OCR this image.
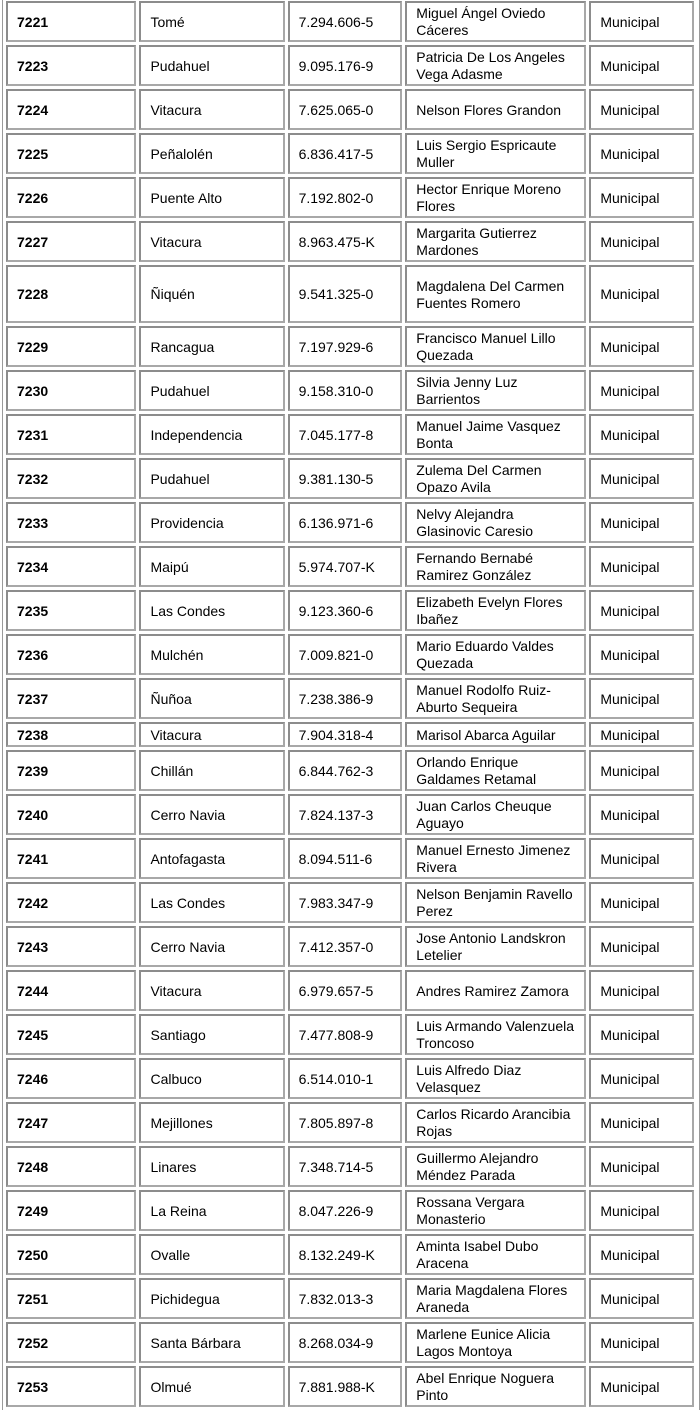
7221	Tomé	7.294.606-5	Miguel Ángel Oviedo Cáceres	Municipal
7223	Pudahuel	9.095.176-9	Patricia De Los Angeles Vega Adasme	Municipal
7224	Vitacura	7.625.065-0	Nelson Flores Grandon	Municipal
7225	Peñalolén	6.836.417-5	Luis Sergio Espricaute Muller	Municipal
7226	Puente Alto	7.192.802-0	Hector Enrique Moreno Flores	Municipal
7227	Vitacura	8.963.475-K	Margarita Gutierrez Mardones	Municipal
7228	Ñiquén	9.541.325-0	Magdalena Del Carmen Fuentes Romero	Municipal
7229	Rancagua	7.197.929-6	Francisco Manuel Lillo Quezada	Municipal
7230	Pudahuel	9.158.310-0	Silvia Jenny Luz Barrientos	Municipal
7231	Independencia	7.045.177-8	Manuel Jaime Vasquez Bonta	Municipal
7232	Pudahuel	9.381.130-5	Zulema Del Carmen Opazo Avila	Municipal
7233	Providencia	6.136.971-6	Nelvy Alejandra Glasinovic Caresio	Municipal
7234	Maipú	5.974.707-K	Fernando Bernabé Ramirez González	Municipal
7235	Las Condes	9.123.360-6	Elizabeth Evelyn Flores Ibañez	Municipal
7236	Mulchén	7.009.821-0	Mario Eduardo Valdes Quezada	Municipal
7237	Ñuñoa	7.238.386-9	Manuel Rodolfo Ruiz-Aburto Sequeira	Municipal
7238	Vitacura	7.904.318-4	Marisol Abarca Aguilar	Municipal
7239	Chillán	6.844.762-3	Orlando Enrique Galdames Retamal	Municipal
7240	Cerro Navia	7.824.137-3	Juan Carlos Cheuque Aguayo	Municipal
7241	Antofagasta	8.094.511-6	Manuel Ernesto Jimenez Rivera	Municipal
7242	Las Condes	7.983.347-9	Nelson Benjamin Ravello Perez	Municipal
7243	Cerro Navia	7.412.357-0	Jose Antonio Landskron Letelier	Municipal
7244	Vitacura	6.979.657-5	Andres Ramirez Zamora	Municipal
7245	Santiago	7.477.808-9	Luis Armando Valenzuela Troncoso	Municipal
7246	Calbuco	6.514.010-1	Luis Alfredo Diaz Velasquez	Municipal
7247	Mejillones	7.805.897-8	Carlos Ricardo Arancibia Rojas	Municipal
7248	Linares	7.348.714-5	Guillermo Alejandro Méndez Parada	Municipal
7249	La Reina	8.047.226-9	Rossana Vergara Monasterio	Municipal
7250	Ovalle	8.132.249-K	Aminta Isabel Dubo Aracena	Municipal
7251	Pichidegua	7.832.013-3	Maria Magdalena Flores Araneda	Municipal
7252	Santa Bárbara	8.268.034-9	Marlene Eunice Alicia Lagos Montoya	Municipal
7253	Olmué	7.881.988-K	Abel Enrique Noguera Pinto	Municipal
